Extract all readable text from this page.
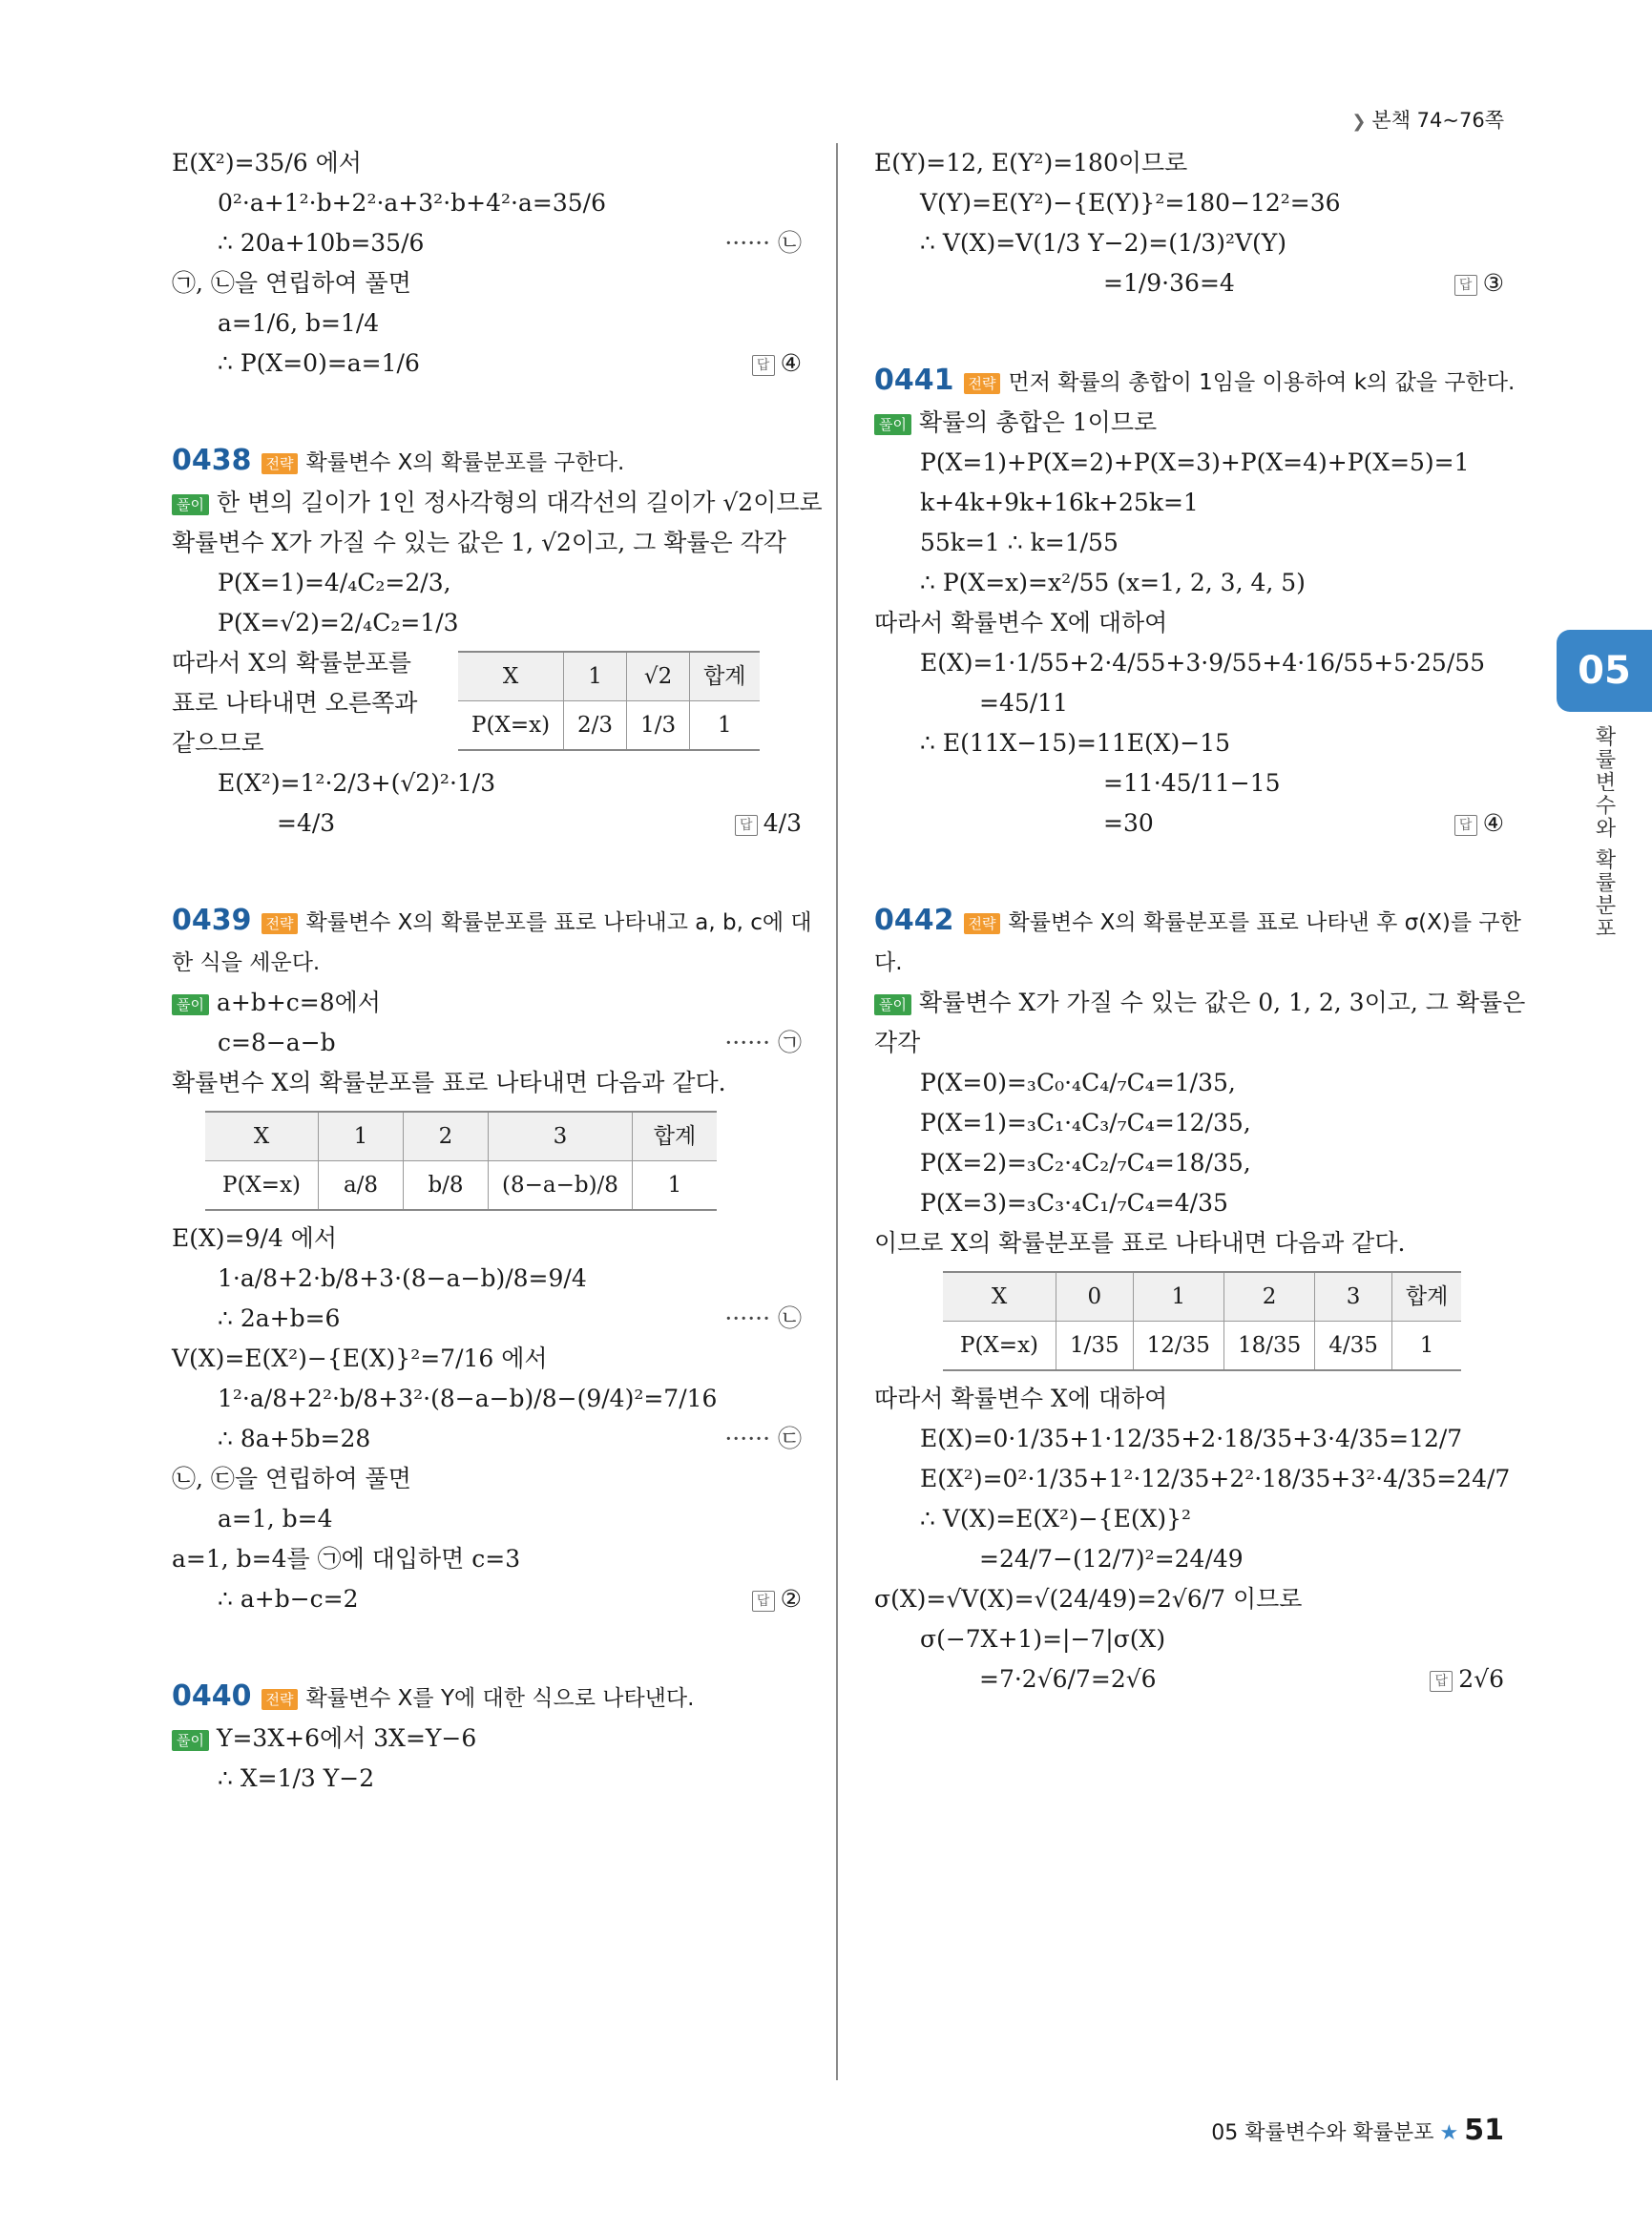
❯ 본책 74~76쪽
E(X²)=35/6 에서
0²·a+1²·b+2²·a+3²·b+4²·a=35/6
∴ 20a+10b=35/6	······ ㉡
㉠, ㉡을 연립하여 풀면
a=1/6, b=1/4
∴ P(X=0)=a=1/6	답 ④
0438 전략 확률변수 X의 확률분포를 구한다.
풀이 한 변의 길이가 1인 정사각형의 대각선의 길이가 √2이므로
확률변수 X가 가질 수 있는 값은 1, √2이고, 그 확률은 각각
P(X=1)=4/₄C₂=2/3,
P(X=√2)=2/₄C₂=1/3
따라서 X의 확률분포를
표로 나타내면 오른쪽과
같으므로
X	1	√2	합계
P(X=x)	2/3	1/3	1
E(X²)=1²·2/3+(√2)²·1/3
=4/3	답 4/3
0439 전략 확률변수 X의 확률분포를 표로 나타내고 a, b, c에 대
한 식을 세운다.
풀이 a+b+c=8에서
c=8−a−b	······ ㉠
확률변수 X의 확률분포를 표로 나타내면 다음과 같다.
X	1	2	3	합계
P(X=x)	a/8	b/8	(8−a−b)/8	1
E(X)=9/4 에서
1·a/8+2·b/8+3·(8−a−b)/8=9/4
∴ 2a+b=6	······ ㉡
V(X)=E(X²)−{E(X)}²=7/16 에서
1²·a/8+2²·b/8+3²·(8−a−b)/8−(9/4)²=7/16
∴ 8a+5b=28	······ ㉢
㉡, ㉢을 연립하여 풀면
a=1, b=4
a=1, b=4를 ㉠에 대입하면 c=3
∴ a+b−c=2	답 ②
0440 전략 확률변수 X를 Y에 대한 식으로 나타낸다.
풀이 Y=3X+6에서 3X=Y−6
∴ X=1/3 Y−2
E(Y)=12, E(Y²)=180이므로
V(Y)=E(Y²)−{E(Y)}²=180−12²=36
∴ V(X)=V(1/3 Y−2)=(1/3)²V(Y)
=1/9·36=4	답 ③
0441 전략 먼저 확률의 총합이 1임을 이용하여 k의 값을 구한다.
풀이 확률의 총합은 1이므로
P(X=1)+P(X=2)+P(X=3)+P(X=4)+P(X=5)=1
k+4k+9k+16k+25k=1
55k=1 ∴ k=1/55
∴ P(X=x)=x²/55 (x=1, 2, 3, 4, 5)
따라서 확률변수 X에 대하여
E(X)=1·1/55+2·4/55+3·9/55+4·16/55+5·25/55
=45/11
∴ E(11X−15)=11E(X)−15
=11·45/11−15
=30	답 ④
0442 전략 확률변수 X의 확률분포를 표로 나타낸 후 σ(X)를 구한
다.
풀이 확률변수 X가 가질 수 있는 값은 0, 1, 2, 3이고, 그 확률은
각각
P(X=0)=₃C₀·₄C₄/₇C₄=1/35,
P(X=1)=₃C₁·₄C₃/₇C₄=12/35,
P(X=2)=₃C₂·₄C₂/₇C₄=18/35,
P(X=3)=₃C₃·₄C₁/₇C₄=4/35
이므로 X의 확률분포를 표로 나타내면 다음과 같다.
X	0	1	2	3	합계
P(X=x)	1/35	12/35	18/35	4/35	1
따라서 확률변수 X에 대하여
E(X)=0·1/35+1·12/35+2·18/35+3·4/35=12/7
E(X²)=0²·1/35+1²·12/35+2²·18/35+3²·4/35=24/7
∴ V(X)=E(X²)−{E(X)}²
=24/7−(12/7)²=24/49
σ(X)=√V(X)=√(24/49)=2√6/7 이므로
σ(−7X+1)=|−7|σ(X)
=7·2√6/7=2√6	답 2√6
05
확률변수와 확률분포
05 확률변수와 확률분포 ★ 51
